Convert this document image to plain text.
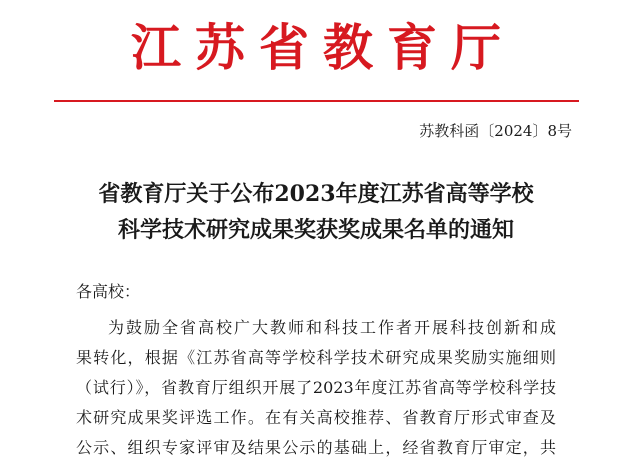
江苏省教育厅
苏教科函〔2024〕8号
省教育厅关于公布2023年度江苏省高等学校
科学技术研究成果奖获奖成果名单的通知
各高校：
为鼓励全省高校广大教师和科技工作者开展科技创新和成
果转化，根据《江苏省高等学校科学技术研究成果奖励实施细则
（试行）》，省教育厅组织开展了2023年度江苏省高等学校科学技
术研究成果奖评选工作。在有关高校推荐、省教育厅形式审查及
公示、组织专家评审及结果公示的基础上，经省教育厅审定，共
